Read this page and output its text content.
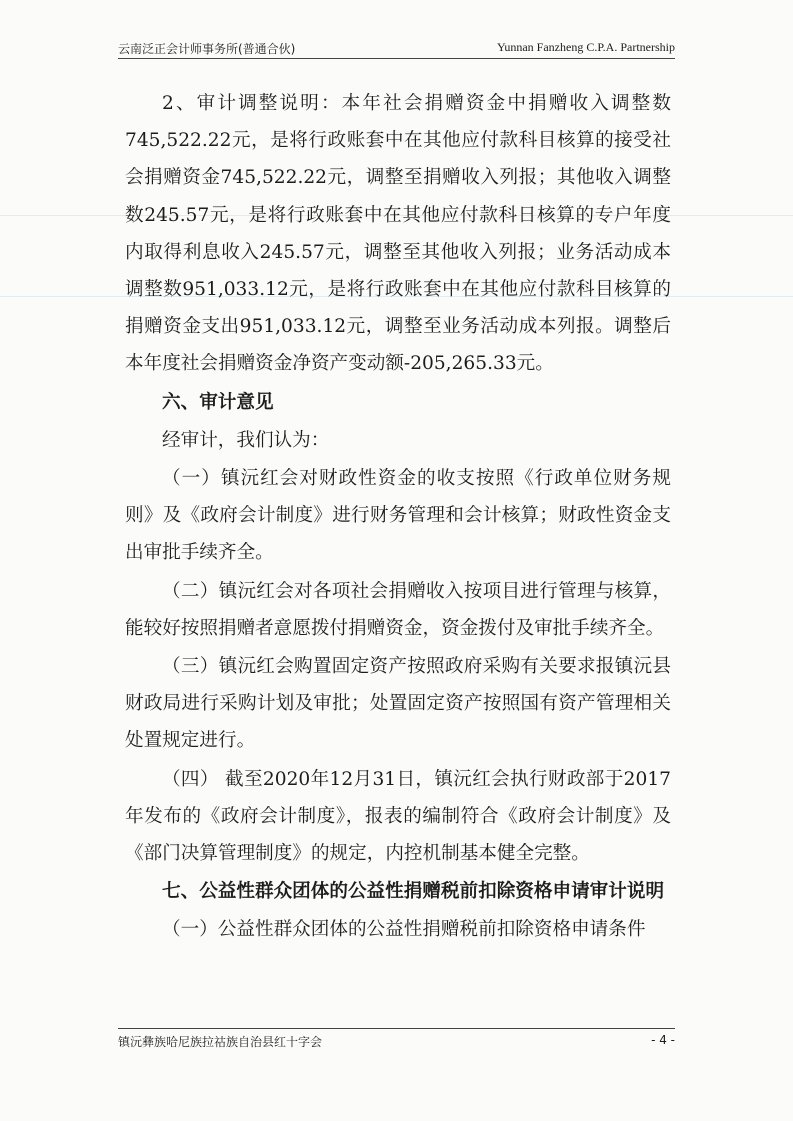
云南泛正会计师事务所(普通合伙)	Yunnan Fanzheng C.P.A. Partnership

2、审计调整说明：本年社会捐赠资金中捐赠收入调整数745,522.22元，是将行政账套中在其他应付款科目核算的接受社会捐赠资金745,522.22元，调整至捐赠收入列报；其他收入调整数245.57元，是将行政账套中在其他应付款科日核算的专户年度内取得利息收入245.57元，调整至其他收入列报；业务活动成本调整数951,033.12元，是将行政账套中在其他应付款科目核算的捐赠资金支出951,033.12元，调整至业务活动成本列报。调整后本年度社会捐赠资金净资产变动额-205,265.33元。

六、审计意见

经审计，我们认为：

（一）镇沅红会对财政性资金的收支按照《行政单位财务规则》及《政府会计制度》进行财务管理和会计核算；财政性资金支出审批手续齐全。

（二）镇沅红会对各项社会捐赠收入按项目进行管理与核算，能较好按照捐赠者意愿拨付捐赠资金，资金拨付及审批手续齐全。

（三）镇沅红会购置固定资产按照政府采购有关要求报镇沅县财政局进行采购计划及审批；处置固定资产按照国有资产管理相关处置规定进行。

（四） 截至2020年12月31日，镇沅红会执行财政部于2017年发布的《政府会计制度》，报表的编制符合《政府会计制度》及《部门决算管理制度》的规定，内控机制基本健全完整。

七、公益性群众团体的公益性捐赠税前扣除资格申请审计说明

（一）公益性群众团体的公益性捐赠税前扣除资格申请条件

镇沅彝族哈尼族拉祜族自治县红十字会	- 4 -
